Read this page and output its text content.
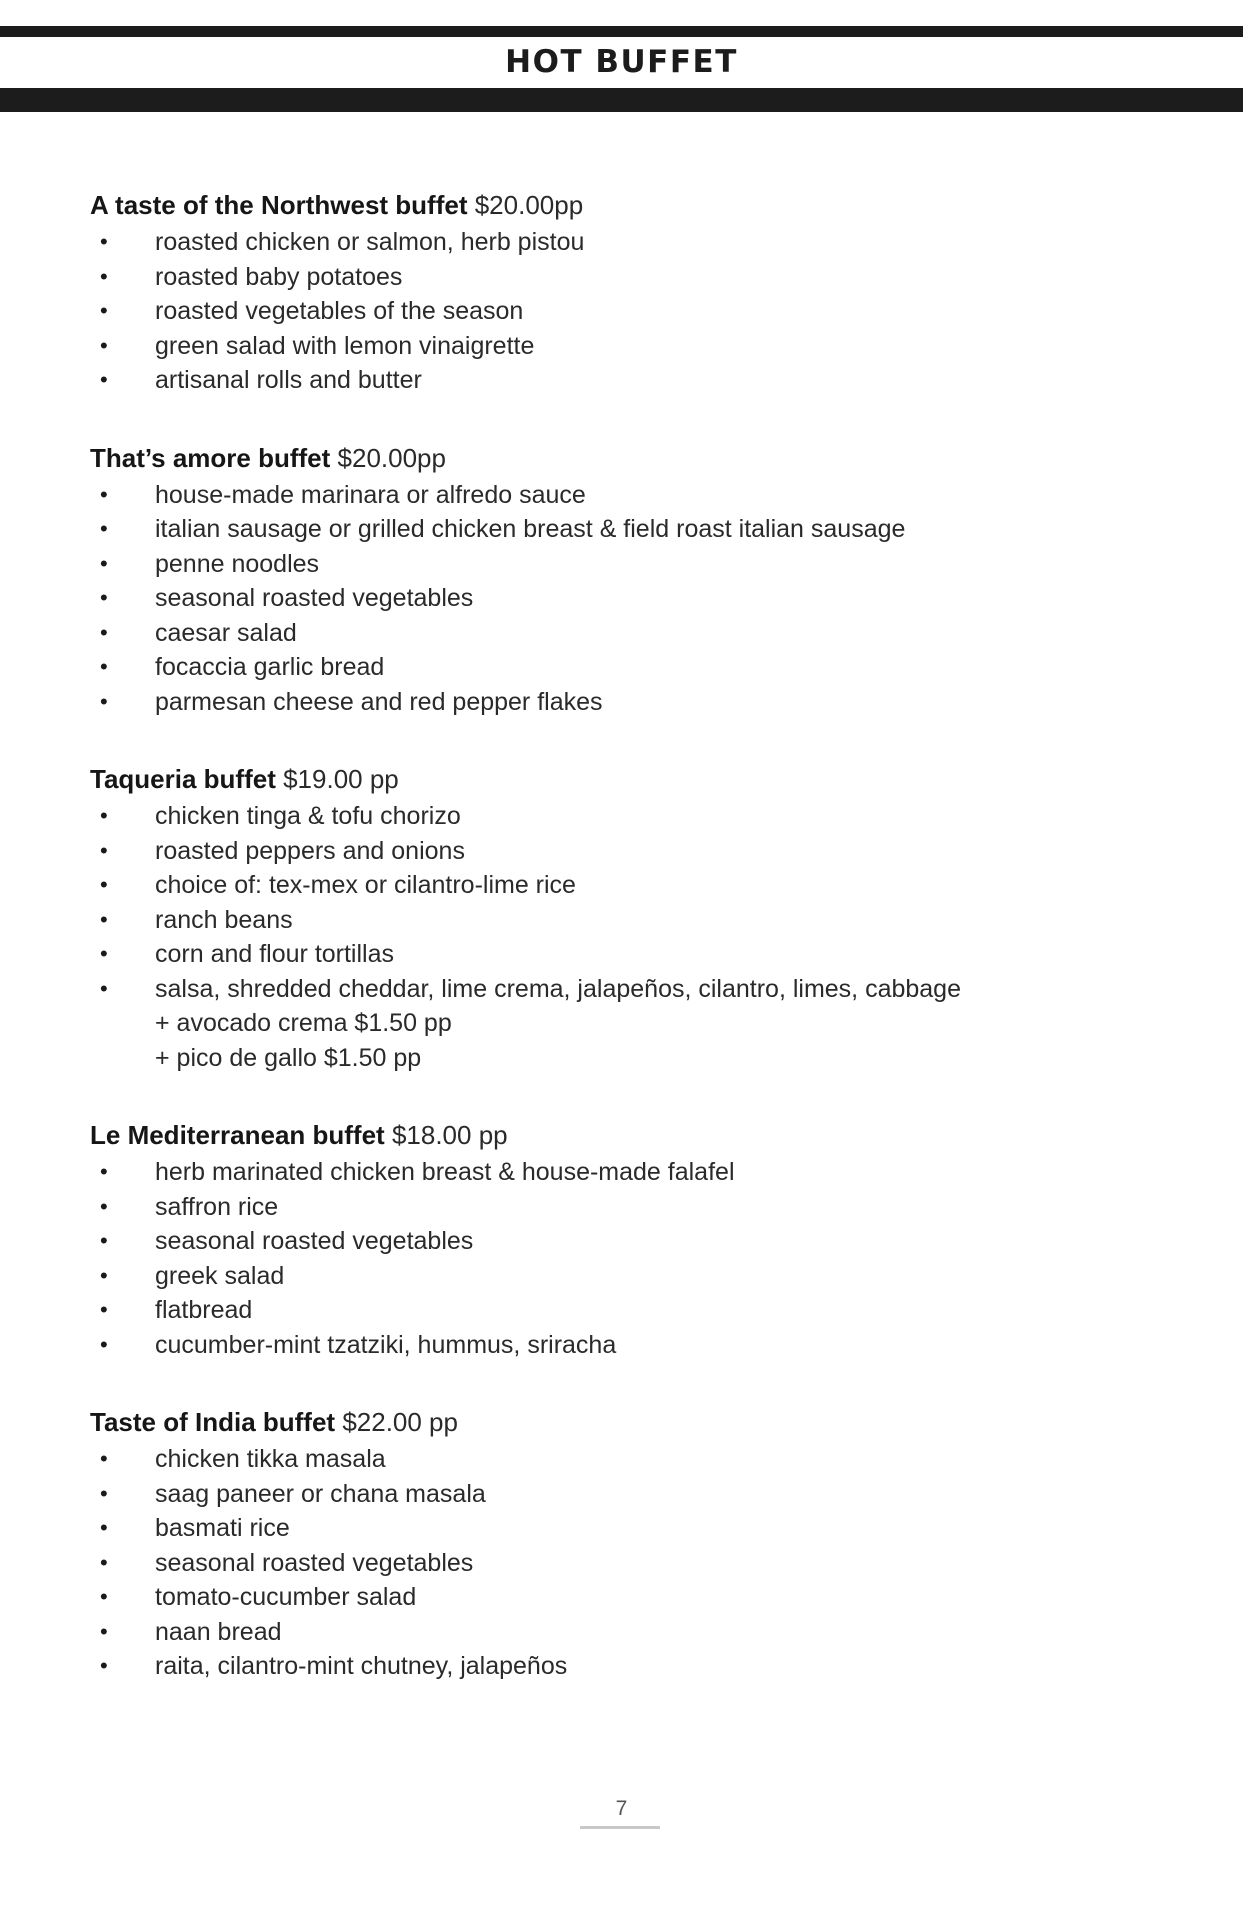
HOT BUFFET
A taste of the Northwest buffet $20.00pp
• roasted chicken or salmon, herb pistou
• roasted baby potatoes
• roasted vegetables of the season
• green salad with lemon vinaigrette
• artisanal rolls and butter
That’s amore buffet $20.00pp
• house-made marinara or alfredo sauce
• italian sausage or grilled chicken breast & field roast italian sausage
• penne noodles
• seasonal roasted vegetables
• caesar salad
• focaccia garlic bread
• parmesan cheese and red pepper flakes
Taqueria buffet $19.00 pp
• chicken tinga & tofu chorizo
• roasted peppers and onions
• choice of: tex-mex or cilantro-lime rice
• ranch beans
• corn and flour tortillas
• salsa, shredded cheddar, lime crema, jalapeños, cilantro, limes, cabbage
+ avocado crema $1.50 pp
+ pico de gallo $1.50 pp
Le Mediterranean buffet $18.00 pp
• herb marinated chicken breast & house-made falafel
• saffron rice
• seasonal roasted vegetables
• greek salad
• flatbread
• cucumber-mint tzatziki, hummus, sriracha
Taste of India buffet $22.00 pp
• chicken tikka masala
• saag paneer or chana masala
• basmati rice
• seasonal roasted vegetables
• tomato-cucumber salad
• naan bread
• raita, cilantro-mint chutney, jalapeños
7
